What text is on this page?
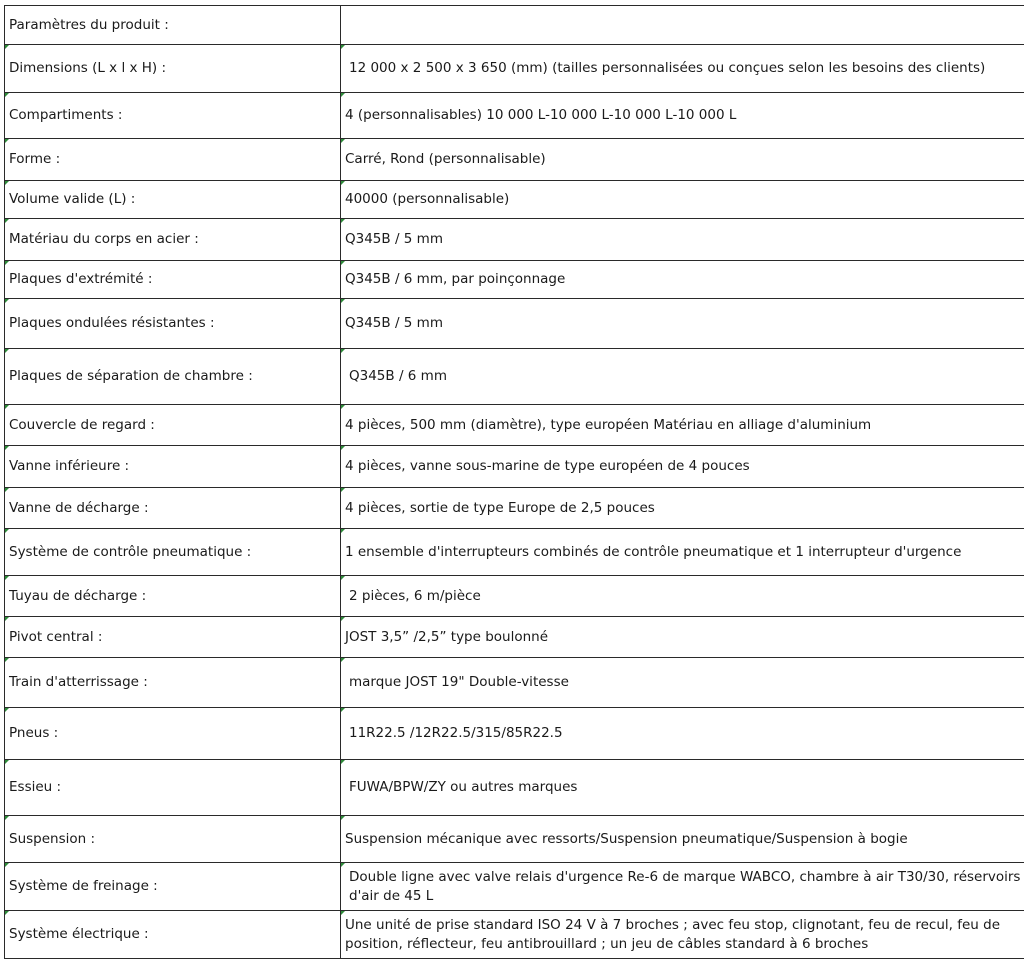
Paramètres du produit :	
Dimensions (L x l x H) :	12 000 x 2 500 x 3 650 (mm) (tailles personnalisées ou conçues selon les besoins des clients)
Compartiments :	4 (personnalisables) 10 000 L-10 000 L-10 000 L-10 000 L
Forme :	Carré, Rond (personnalisable)
Volume valide (L) :	40000 (personnalisable)
Matériau du corps en acier :	Q345B / 5 mm
Plaques d'extrémité :	Q345B / 6 mm, par poinçonnage
Plaques ondulées résistantes :	Q345B / 5 mm
Plaques de séparation de chambre :	Q345B / 6 mm
Couvercle de regard :	4 pièces, 500 mm (diamètre), type européen Matériau en alliage d'aluminium
Vanne inférieure :	4 pièces, vanne sous-marine de type européen de 4 pouces
Vanne de décharge :	4 pièces, sortie de type Europe de 2,5 pouces
Système de contrôle pneumatique :	1 ensemble d'interrupteurs combinés de contrôle pneumatique et 1 interrupteur d'urgence
Tuyau de décharge :	2 pièces, 6 m/pièce
Pivot central :	JOST 3,5” /2,5” type boulonné
Train d'atterrissage :	marque JOST 19" Double-vitesse
Pneus :	11R22.5 /12R22.5/315/85R22.5
Essieu :	FUWA/BPW/ZY ou autres marques
Suspension :	Suspension mécanique avec ressorts/Suspension pneumatique/Suspension à bogie
Système de freinage :	Double ligne avec valve relais d'urgence Re-6 de marque WABCO, chambre à air T30/30, réservoirs d'air de 45 L
Système électrique :	Une unité de prise standard ISO 24 V à 7 broches ; avec feu stop, clignotant, feu de recul, feu de position, réflecteur, feu antibrouillard ; un jeu de câbles standard à 6 broches
